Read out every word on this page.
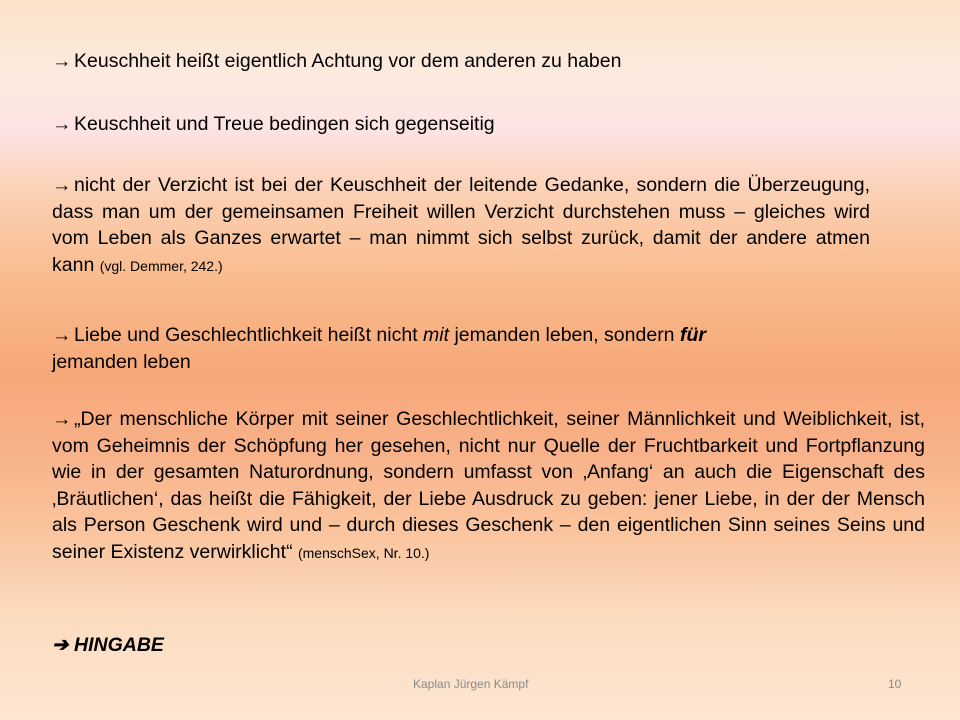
→ Keuschheit heißt eigentlich Achtung vor dem anderen zu haben
→ Keuschheit und Treue bedingen sich gegenseitig
→ nicht der Verzicht ist bei der Keuschheit der leitende Gedanke, sondern die Überzeugung, dass man um der gemeinsamen Freiheit willen Verzicht durchstehen muss – gleiches wird vom Leben als Ganzes erwartet – man nimmt sich selbst zurück, damit der andere atmen kann (vgl. Demmer, 242.)
→ Liebe und Geschlechtlichkeit heißt nicht mit jemanden leben, sondern für
jemanden leben
→ „Der menschliche Körper mit seiner Geschlechtlichkeit, seiner Männlichkeit und Weiblichkeit, ist, vom Geheimnis der Schöpfung her gesehen, nicht nur Quelle der Fruchtbarkeit und Fortpflanzung wie in der gesamten Naturordnung, sondern umfasst von ‚Anfang‘ an auch die Eigenschaft des ‚Bräutlichen‘, das heißt die Fähigkeit, der Liebe Ausdruck zu geben: jener Liebe, in der der Mensch als Person Geschenk wird und – durch dieses Geschenk – den eigentlichen Sinn seines Seins und seiner Existenz verwirklicht“ (menschSex, Nr. 10.)
➔ HINGABE
Kaplan Jürgen Kämpf	10
